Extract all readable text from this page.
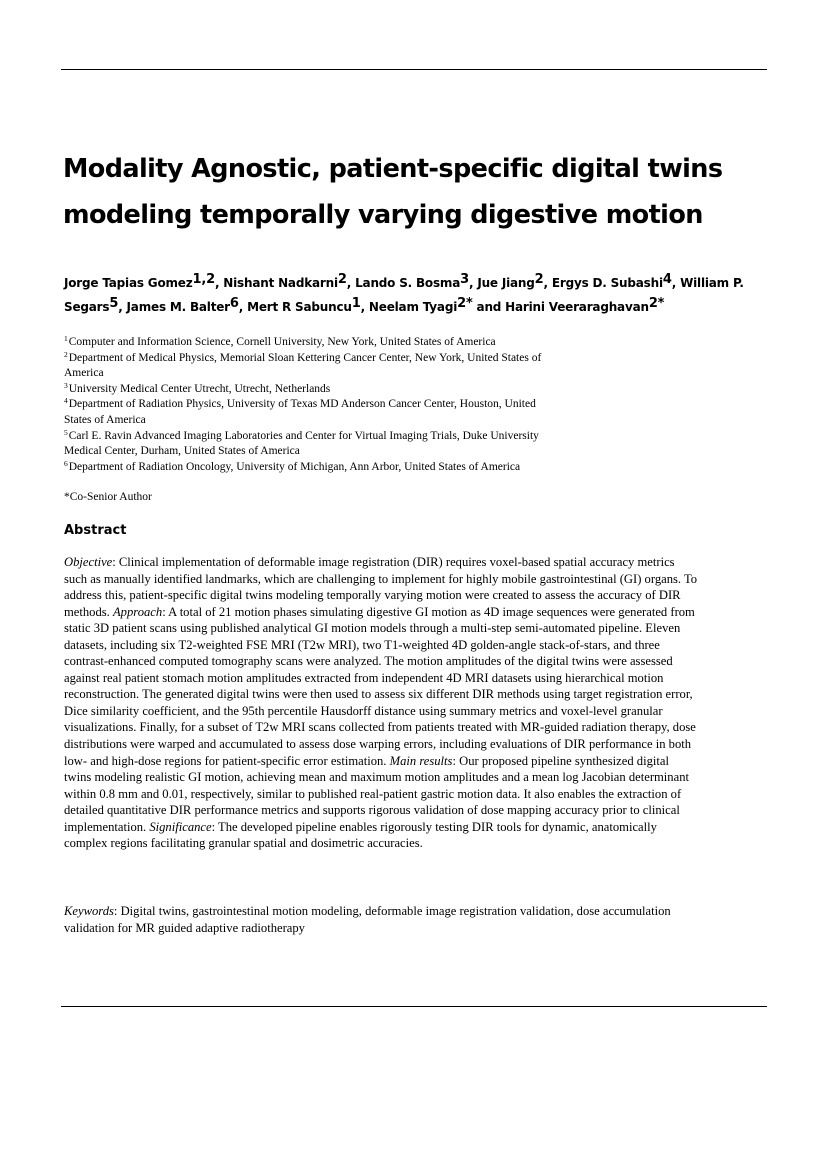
Modality Agnostic, patient-specific digital twins
modeling temporally varying digestive motion
Jorge Tapias Gomez$^{1,2}$, Nishant Nadkarni$^2$, Lando S. Bosma$^3$, Jue Jiang$^2$, Ergys D. Subashi$^4$, William P.
Segars$^5$, James M. Balter$^6$, Mert R Sabuncu$^1$, Neelam Tyagi$^{2*}$ and Harini Veeraraghavan$^{2*}$
$^1$Computer and Information Science, Cornell University, New York, United States of America
$^2$Department of Medical Physics, Memorial Sloan Kettering Cancer Center, New York, United States of
America
$^3$University Medical Center Utrecht, Utrecht, Netherlands
$^4$Department of Radiation Physics, University of Texas MD Anderson Cancer Center, Houston, United
States of America
$^5$Carl E. Ravin Advanced Imaging Laboratories and Center for Virtual Imaging Trials, Duke University
Medical Center, Durham, United States of America
$^6$Department of Radiation Oncology, University of Michigan, Ann Arbor, United States of America
*Co-Senior Author
Abstract
Objective: Clinical implementation of deformable image registration (DIR) requires voxel-based spatial accuracy metrics
such as manually identified landmarks, which are challenging to implement for highly mobile gastrointestinal (GI) organs. To
address this, patient-specific digital twins modeling temporally varying motion were created to assess the accuracy of DIR
methods. Approach: A total of 21 motion phases simulating digestive GI motion as 4D image sequences were generated from
static 3D patient scans using published analytical GI motion models through a multi-step semi-automated pipeline. Eleven
datasets, including six T2-weighted FSE MRI (T2w MRI), two T1-weighted 4D golden-angle stack-of-stars, and three
contrast-enhanced computed tomography scans were analyzed. The motion amplitudes of the digital twins were assessed
against real patient stomach motion amplitudes extracted from independent 4D MRI datasets using hierarchical motion
reconstruction. The generated digital twins were then used to assess six different DIR methods using target registration error,
Dice similarity coefficient, and the 95th percentile Hausdorff distance using summary metrics and voxel-level granular
visualizations. Finally, for a subset of T2w MRI scans collected from patients treated with MR-guided radiation therapy, dose
distributions were warped and accumulated to assess dose warping errors, including evaluations of DIR performance in both
low- and high-dose regions for patient-specific error estimation. Main results: Our proposed pipeline synthesized digital
twins modeling realistic GI motion, achieving mean and maximum motion amplitudes and a mean log Jacobian determinant
within 0.8 mm and 0.01, respectively, similar to published real-patient gastric motion data. It also enables the extraction of
detailed quantitative DIR performance metrics and supports rigorous validation of dose mapping accuracy prior to clinical
implementation. Significance: The developed pipeline enables rigorously testing DIR tools for dynamic, anatomically
complex regions facilitating granular spatial and dosimetric accuracies.
Keywords: Digital twins, gastrointestinal motion modeling, deformable image registration validation, dose accumulation
validation for MR guided adaptive radiotherapy
